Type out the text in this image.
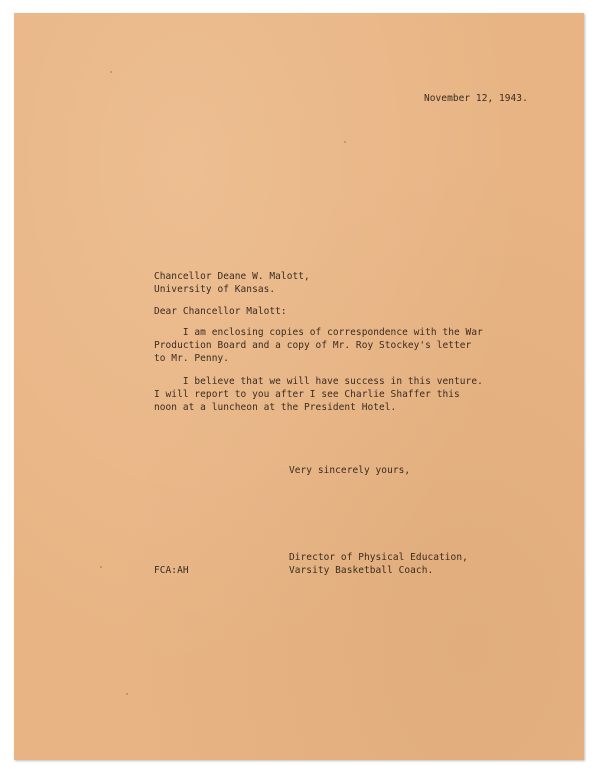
November 12, 1943.
Chancellor Deane W. Malott,
University of Kansas.
Dear Chancellor Malott:
I am enclosing copies of correspondence with the War
Production Board and a copy of Mr. Roy Stockey's letter
to Mr. Penny.
I believe that we will have success in this venture.
I will report to you after I see Charlie Shaffer this
noon at a luncheon at the President Hotel.
Very sincerely yours,
Director of Physical Education,
Varsity Basketball Coach.
FCA:AH
